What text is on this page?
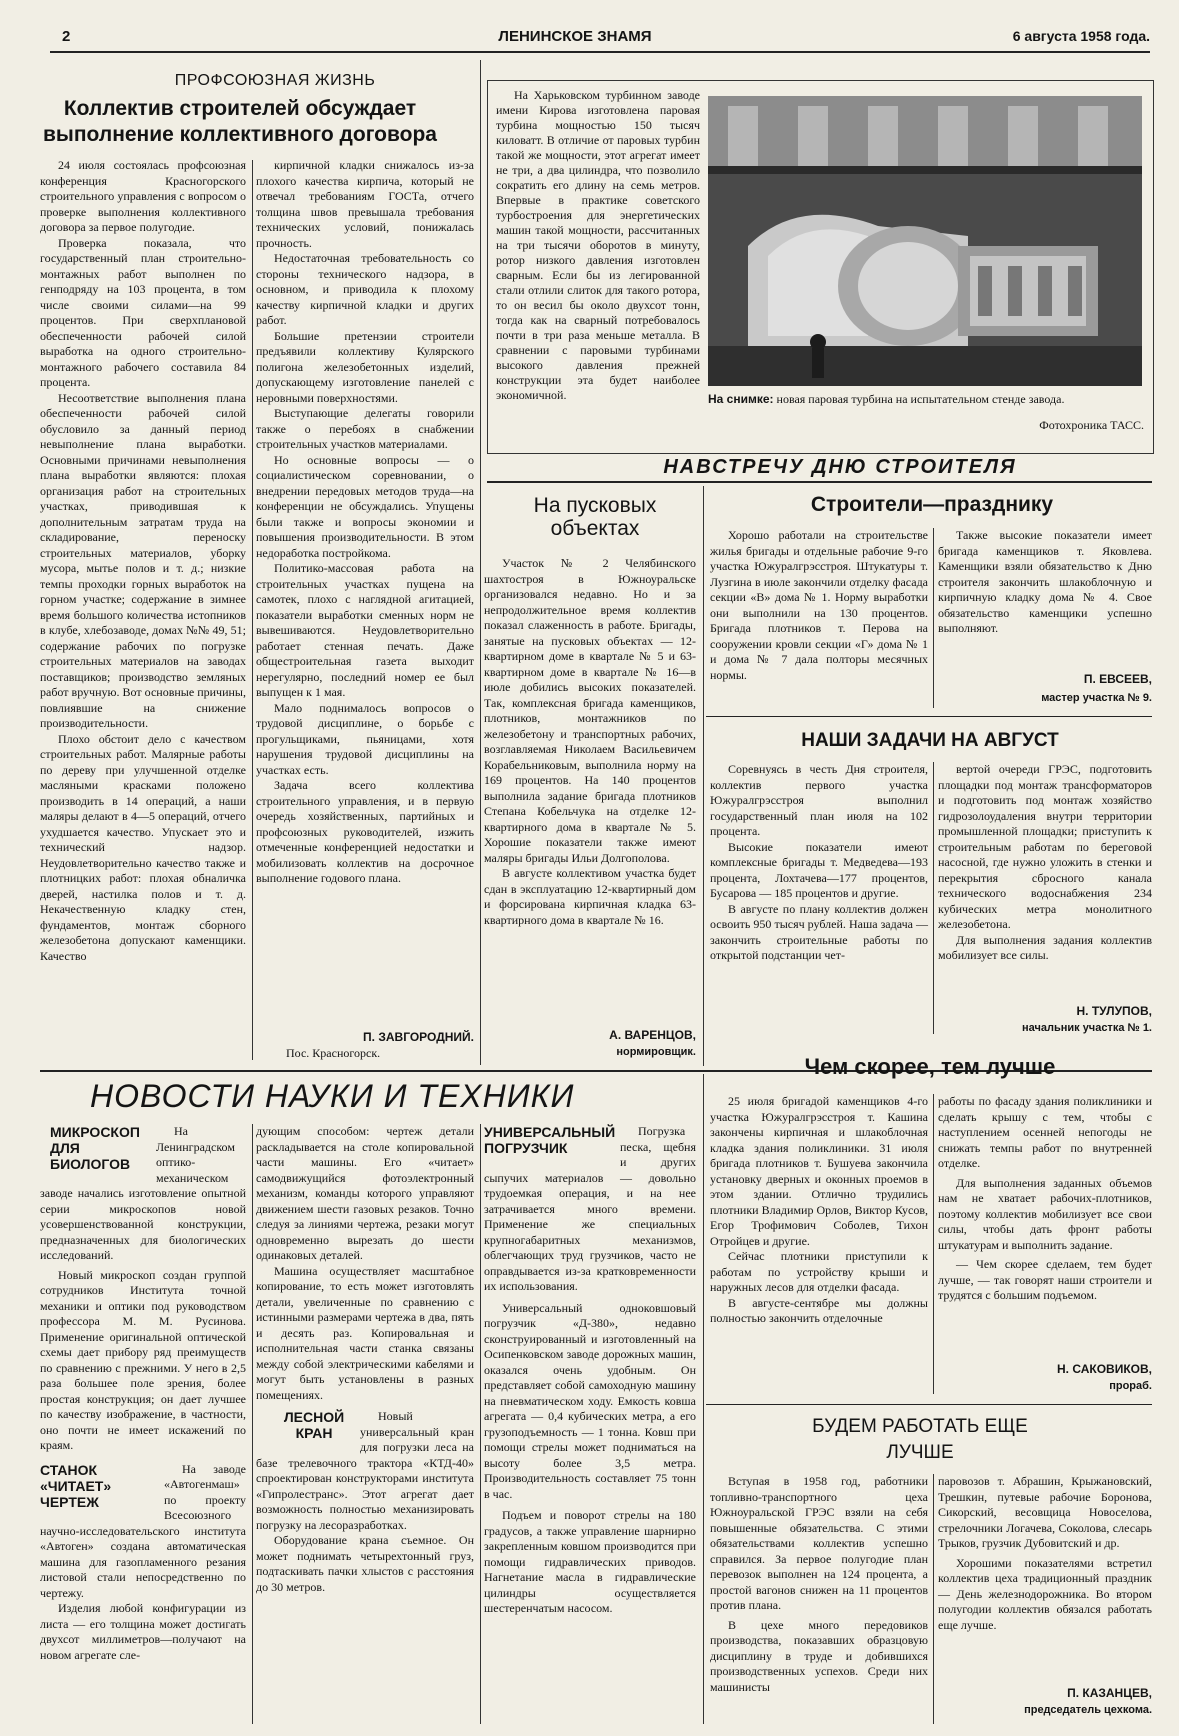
2	ЛЕНИНСКОЕ ЗНАМЯ	6 августа 1958 года.
ПРОФСОЮЗНАЯ ЖИЗНЬ
Коллектив строителей обсуждает выполнение коллективного договора

24 июля состоялась профсоюзная конференция Красногорского строительного управления с вопросом о проверке выполнения коллективного договора за первое полугодие.

Проверка показала, что государственный план строительно-монтажных работ выполнен по генподряду на 103 процента, в том числе своими силами—на 99 процентов. При сверхплановой обеспеченности рабочей силой выработка на одного строительно-монтажного рабочего составила 84 процента.

Несоответствие выполнения плана обеспеченности рабочей силой обусловило за данный период невыполнение плана выработки. Основными причинами невыполнения плана выработки являются: плохая организация работ на строительных участках, приводившая к дополнительным затратам труда на складирование, переноску строительных материалов, уборку мусора, мытье полов и т. д.; низкие темпы проходки горных выработок на горном участке; содержание в зимнее время большого количества истопников в клубе, хлебозаводе, домах №№ 49, 51; содержание рабочих по погрузке строительных материалов на заводах поставщиков; производство земляных работ вручную. Вот основные причины, повлиявшие на снижение производительности.

Плохо обстоит дело с качеством строительных работ. Малярные работы по дереву при улучшенной отделке масляными красками положено производить в 14 операций, а наши маляры делают в 4—5 операций, отчего ухудшается качество. Упускает это и технический надзор. Неудовлетворительно качество также и плотницких работ: плохая обналичка дверей, настилка полов и т. д. Некачественную кладку стен, фундаментов, монтаж сборного железобетона допускают каменщики. Качество

кирпичной кладки снижалось из-за плохого качества кирпича, который не отвечал требованиям ГОСТа, отчего толщина швов превышала требования технических условий, понижалась прочность.

Недостаточная требовательность со стороны технического надзора, в основном, и приводила к плохому качеству кирпичной кладки и других работ.

Большие претензии строители предъявили коллективу Кулярского полигона железобетонных изделий, допускающему изготовление панелей с неровными поверхностями.

Выступающие делегаты говорили также о перебоях в снабжении строительных участков материалами.

Но основные вопросы — о социалистическом соревновании, о внедрении передовых методов труда—на конференции не обсуждались. Упущены были также и вопросы экономии и повышения производительности. В этом недоработка постройкома.

Политико-массовая работа на строительных участках пущена на самотек, плохо с наглядной агитацией, показатели выработки сменных норм не вывешиваются. Неудовлетворительно работает стенная печать. Даже общестроительная газета выходит нерегулярно, последний номер ее был выпущен к 1 мая.

Мало поднималось вопросов о трудовой дисциплине, о борьбе с прогульщиками, пьяницами, хотя нарушения трудовой дисциплины на участках есть.

Задача всего коллектива строительного управления, и в первую очередь хозяйственных, партийных и профсоюзных руководителей, изжить отмеченные конференцией недостатки и мобилизовать коллектив на досрочное выполнение годового плана.

П. ЗАВГОРОДНИЙ.
Пос. Красногорск.

На Харьковском турбинном заводе имени Кирова изготовлена паровая турбина мощностью 150 тысяч киловатт. В отличие от паровых турбин такой же мощности, этот агрегат имеет не три, а два цилиндра, что позволило сократить его длину на семь метров. Впервые в практике советского турбостроения для энергетических машин такой мощности, рассчитанных на три тысячи оборотов в минуту, ротор низкого давления изготовлен сварным. Если бы из легированной стали отлили слиток для такого ротора, то он весил бы около двухсот тонн, тогда как на сварный потребовалось почти в три раза меньше металла. В сравнении с паровыми турбинами высокого давления прежней конструкции эта будет наиболее экономичной.	На снимке: новая паровая турбина на испытательном стенде завода.
Фотохроника ТАСС.
НАВСТРЕЧУ ДНЮ СТРОИТЕЛЯ
На пусковых объектах

Участок № 2 Челябинского шахтостроя в Южноуральске организовался недавно. Но и за непродолжительное время коллектив показал слаженность в работе. Бригады, занятые на пусковых объектах — 12-квартирном доме в квартале № 5 и 63-квартирном доме в квартале № 16—в июле добились высоких показателей. Так, комплексная бригада каменщиков, плотников, монтажников по железобетону и транспортных рабочих, возглавляемая Николаем Васильевичем Корабельниковым, выполнила норму на 169 процентов. На 140 процентов выполнила задание бригада плотников Степана Кобельчука на отделке 12-квартирного дома в квартале № 5. Хорошие показатели также имеют маляры бригады Ильи Долгополова.

В августе коллективом участка будет сдан в эксплуатацию 12-квартирный дом и форсирована кирпичная кладка 63-квартирного дома в квартале № 16.

А. ВАРЕНЦОВ,
нормировщик.
Строители—празднику

Хорошо работали на строительстве жилья бригады и отдельные рабочие 9-го участка Южуралгрэсстроя. Штукатуры т. Лузгина в июле закончили отделку фасада секции «В» дома № 1. Норму выработки они выполнили на 130 процентов. Бригада плотников т. Перова на сооружении кровли секции «Г» дома № 1 и дома № 7 дала полторы месячных нормы.

Также высокие показатели имеет бригада каменщиков т. Яковлева. Каменщики взяли обязательство к Дню строителя закончить шлакоблочную и кирпичную кладку дома № 4. Свое обязательство каменщики успешно выполняют.

П. ЕВСЕЕВ,
мастер участка № 9.
НАШИ ЗАДАЧИ НА АВГУСТ

Соревнуясь в честь Дня строителя, коллектив первого участка Южуралгрэсстроя выполнил государственный план июля на 102 процента.

Высокие показатели имеют комплексные бригады т. Медведева—193 процента, Лохтачева—177 процентов, Бусарова — 185 процентов и другие.

В августе по плану коллектив должен освоить 950 тысяч рублей. Наша задача — закончить строительные работы по открытой подстанции чет-

вертой очереди ГРЭС, подготовить площадки под монтаж трансформаторов и подготовить под монтаж хозяйство гидрозолоудаления внутри территории промышленной площадки; приступить к строительным работам по береговой насосной, где нужно уложить в стенки и перекрытия сбросного канала технического водоснабжения 234 кубических метра монолитного железобетона.

Для выполнения задания коллектив мобилизует все силы.

Н. ТУЛУПОВ,
начальник участка № 1.
НОВОСТИ НАУКИ И ТЕХНИКИ
МИКРОСКОП ДЛЯ БИОЛОГОВ

На Ленинградском оптико-механическом заводе начались изготовление опытной серии микроскопов новой усовершенствованной конструкции, предназначенных для биологических исследований.

Новый микроскоп создан группой сотрудников Института точной механики и оптики под руководством профессора М. М. Русинова. Применение оригинальной оптической схемы дает прибору ряд преимуществ по сравнению с прежними. У него в 2,5 раза большее поле зрения, более простая конструкция; он дает лучшее по качеству изображение, в частности, оно почти не имеет искажений по краям.

СТАНОК «ЧИТАЕТ» ЧЕРТЕЖ

На заводе «Автогенмаш» по проекту Всесоюзного научно-исследовательского института «Автоген» создана автоматическая машина для газопламенного резания листовой стали непосредственно по чертежу.

Изделия любой конфигурации из листа — его толщина может достигать двухсот миллиметров—получают на новом агрегате сле-

дующим способом: чертеж детали раскладывается на столе копировальной части машины. Его «читает» самодвижущийся фотоэлектронный механизм, команды которого управляют движением шести газовых резаков. Точно следуя за линиями чертежа, резаки могут одновременно вырезать до шести одинаковых деталей.

Машина осуществляет масштабное копирование, то есть может изготовлять детали, увеличенные по сравнению с истинными размерами чертежа в два, пять и десять раз. Копировальная и исполнительная части станка связаны между собой электрическими кабелями и могут быть установлены в разных помещениях.

ЛЕСНОЙ КРАН

Новый универсальный кран для погрузки леса на базе трелевочного трактора «КТД-40» спроектирован конструкторами института «Гипролестранс». Этот агрегат дает возможность полностью механизировать погрузку на лесоразработках.

Оборудование крана съемное. Он может поднимать четырехтонный груз, подтаскивать пачки хлыстов с расстояния до 30 метров.

УНИВЕРСАЛЬНЫЙ ПОГРУЗЧИК

Погрузка песка, щебня и других сыпучих материалов — довольно трудоемкая операция, и на нее затрачивается много времени. Применение же специальных крупногабаритных механизмов, облегчающих труд грузчиков, часто не оправдывается из-за кратковременности их использования.

Универсальный одноковшовый погрузчик «Д-380», недавно сконструированный и изготовленный на Осипенковском заводе дорожных машин, оказался очень удобным. Он представляет собой самоходную машину на пневматическом ходу. Емкость ковша агрегата — 0,4 кубических метра, а его грузоподъемность — 1 тонна. Ковш при помощи стрелы может подниматься на высоту более 3,5 метра. Производительность составляет 75 тонн в час.

Подъем и поворот стрелы на 180 градусов, а также управление шарнирно закрепленным ковшом производится при помощи гидравлических приводов. Нагнетание масла в гидравлические цилиндры осуществляется шестеренчатым насосом.

Чем скорее, тем лучше

25 июля бригадой каменщиков 4-го участка Южуралгрэсстроя т. Кашина закончены кирпичная и шлакоблочная кладка здания поликлиники. 31 июля бригада плотников т. Бушуева закончила установку дверных и оконных проемов в этом здании. Отлично трудились плотники Владимир Орлов, Виктор Кусов, Егор Трофимович Соболев, Тихон Отройцев и другие.

Сейчас плотники приступили к работам по устройству крыши и наружных лесов для отделки фасада.

В августе-сентябре мы должны полностью закончить отделочные

работы по фасаду здания поликлиники и сделать крышу с тем, чтобы с наступлением осенней непогоды не снижать темпы работ по внутренней отделке.

Для выполнения заданных объемов нам не хватает рабочих-плотников, поэтому коллектив мобилизует все свои силы, чтобы дать фронт работы штукатурам и выполнить задание.

— Чем скорее сделаем, тем будет лучше, — так говорят наши строители и трудятся с большим подъемом.

Н. САКОВИКОВ,
прораб.
БУДЕМ РАБОТАТЬ ЕЩЕ ЛУЧШЕ

Вступая в 1958 год, работники топливно-транспортного цеха Южноуральской ГРЭС взяли на себя повышенные обязательства. С этими обязательствами коллектив успешно справился. За первое полугодие план перевозок выполнен на 124 процента, а простой вагонов снижен на 11 процентов против плана.

В цехе много передовиков производства, показавших образцовую дисциплину в труде и добившихся производственных успехов. Среди них машинисты

паровозов т. Абрашин, Крыжановский, Трешкин, путевые рабочие Боронова, Сикорский, весовщица Новоселова, стрелочники Логачева, Соколова, слесарь Трыков, грузчик Дубовитский и др.

Хорошими показателями встретил коллектив цеха традиционный праздник — День железнодорожника. Во втором полугодии коллектив обязался работать еще лучше.

П. КАЗАНЦЕВ,
председатель цехкома.
